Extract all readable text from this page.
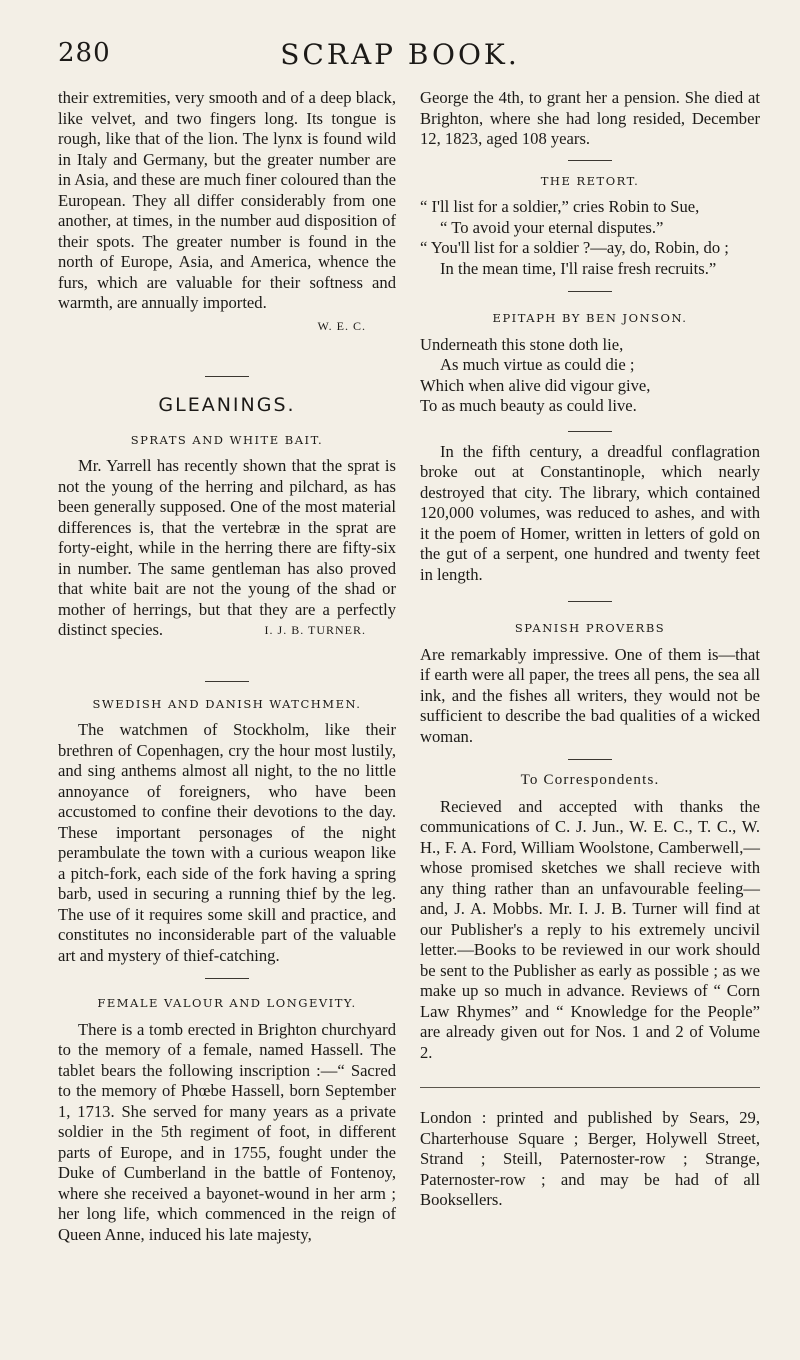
SCRAP BOOK.
280

their extremities, very smooth and of a deep black, like velvet, and two fingers long. Its tongue is rough, like that of the lion. The lynx is found wild in Italy and Germany, but the greater number are in Asia, and these are much finer coloured than the European. They all differ considerably from one another, at times, in the number aud disposition of their spots. The greater number is found in the north of Europe, Asia, and America, whence the furs, which are valuable for their softness and warmth, are annually imported.

W. E. C.
GLEANINGS.
SPRATS AND WHITE BAIT.

Mr. Yarrell has recently shown that the sprat is not the young of the herring and pilchard, as has been generally supposed. One of the most material differences is, that the vertebræ in the sprat are forty-eight, while in the herring there are fifty-six in number. The same gentleman has also proved that white bait are not the young of the shad or mother of herrings, but that they are a perfectly distinct species.	I. J. B. TURNER.

SWEDISH AND DANISH WATCHMEN.

The watchmen of Stockholm, like their brethren of Copenhagen, cry the hour most lustily, and sing anthems almost all night, to the no little annoyance of foreigners, who have been accustomed to confine their devotions to the day. These important personages of the night perambulate the town with a curious weapon like a pitch-fork, each side of the fork having a spring barb, used in securing a running thief by the leg. The use of it requires some skill and practice, and constitutes no inconsiderable part of the valuable art and mystery of thief-catching.

FEMALE VALOUR AND LONGEVITY.

There is a tomb erected in Brighton churchyard to the memory of a female, named Hassell. The tablet bears the following inscription :—“ Sacred to the memory of Phœbe Hassell, born September 1, 1713. She served for many years as a private soldier in the 5th regiment of foot, in different parts of Europe, and in 1755, fought under the Duke of Cumberland in the battle of Fontenoy, where she received a bayonet-wound in her arm ; her long life, which commenced in the reign of Queen Anne, induced his late majesty,

George the 4th, to grant her a pension. She died at Brighton, where she had long resided, December 12, 1823, aged 108 years.

THE RETORT.
“ I'll list for a soldier,” cries Robin to Sue,
“ To avoid your eternal disputes.”
“ You'll list for a soldier ?—ay, do, Robin, do ;
In the mean time, I'll raise fresh recruits.”
EPITAPH BY BEN JONSON.
Underneath this stone doth lie,
As much virtue as could die ;
Which when alive did vigour give,
To as much beauty as could live.

In the fifth century, a dreadful conflagration broke out at Constantinople, which nearly destroyed that city. The library, which contained 120,000 volumes, was reduced to ashes, and with it the poem of Homer, written in letters of gold on the gut of a serpent, one hundred and twenty feet in length.

SPANISH PROVERBS

Are remarkably impressive. One of them is—that if earth were all paper, the trees all pens, the sea all ink, and the fishes all writers, they would not be sufficient to describe the bad qualities of a wicked woman.

To Correspondents.

Recieved and accepted with thanks the communications of C. J. Jun., W. E. C., T. C., W. H., F. A. Ford, William Woolstone, Camberwell,—whose promised sketches we shall recieve with any thing rather than an unfavourable feeling—and, J. A. Mobbs. Mr. I. J. B. Turner will find at our Publisher's a reply to his extremely uncivil letter.—Books to be reviewed in our work should be sent to the Publisher as early as possible ; as we make up so much in advance. Reviews of “ Corn Law Rhymes” and “ Knowledge for the People” are already given out for Nos. 1 and 2 of Volume 2.

London : printed and published by Sears, 29, Charterhouse Square ; Berger, Holywell Street, Strand ; Steill, Paternoster-row ; Strange, Paternoster-row ; and may be had of all Booksellers.
